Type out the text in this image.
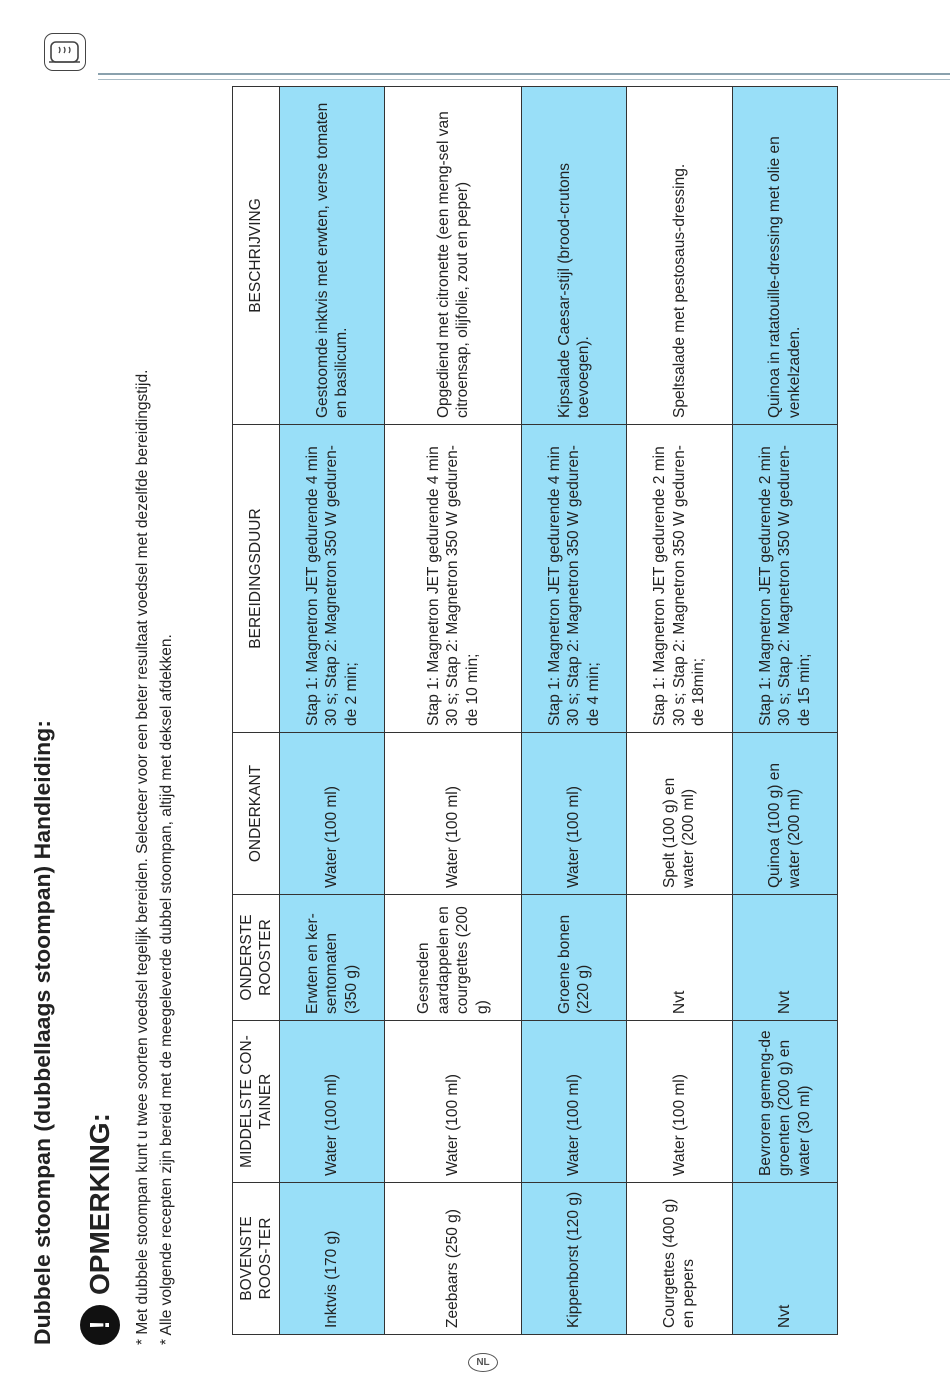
Dubbele stoompan (dubbellaags stoompan) Handleiding: !
OPMERKING: * Met dubbele stoompan kunt u twee soorten voedsel tegelijk bereiden. Selecteer voor een beter resultaat voedsel met dezelfde bereidingstijd. * Alle volgende recepten zijn bereid met de meegeleverde dubbel stoompan, altijd met deksel afdekken.	BOVENSTE ROOS-TER	MIDDELSTE CON-TAINER	ONDERSTE ROOSTER	ONDERKANT	BEREIDINGSDUUR	BESCHRIJVING
Inktvis (170 g)	Water (100 ml)	Erwten en ker-sentomaten (350 g)	Water (100 ml)	Stap 1: Magnetron JET gedurende 4 min 30 s; Stap 2: Magnetron 350 W geduren-de 2 min;	Gestoomde inktvis met erwten, verse tomaten en basilicum.
Zeebaars (250 g)	Water (100 ml)	Gesneden aardappelen en courgettes (200 g)	Water (100 ml)	Stap 1: Magnetron JET gedurende 4 min 30 s; Stap 2: Magnetron 350 W geduren-de 10 min;	Opgediend met citronette (een meng-sel van citroensap, olijfolie, zout en peper)
Kippenborst (120 g)	Water (100 ml)	Groene bonen (220 g)	Water (100 ml)	Stap 1: Magnetron JET gedurende 4 min 30 s; Stap 2: Magnetron 350 W geduren-de 4 min;	Kipsalade Caesar-stijl (brood-crutons toevoegen).
Courgettes (400 g) en pepers	Water (100 ml)	Nvt	Spelt (100 g) en water (200 ml)	Stap 1: Magnetron JET gedurende 2 min 30 s; Stap 2: Magnetron 350 W geduren-de 18min;	Speltsalade met pestosaus-dressing.
Nvt	Bevroren gemeng-de groenten (200 g) en water (30 ml)	Nvt	Quinoa (100 g) en water (200 ml)	Stap 1: Magnetron JET gedurende 2 min 30 s; Stap 2: Magnetron 350 W geduren-de 15 min;	Quinoa in ratatouille-dressing met olie en venkelzaden.
NL
